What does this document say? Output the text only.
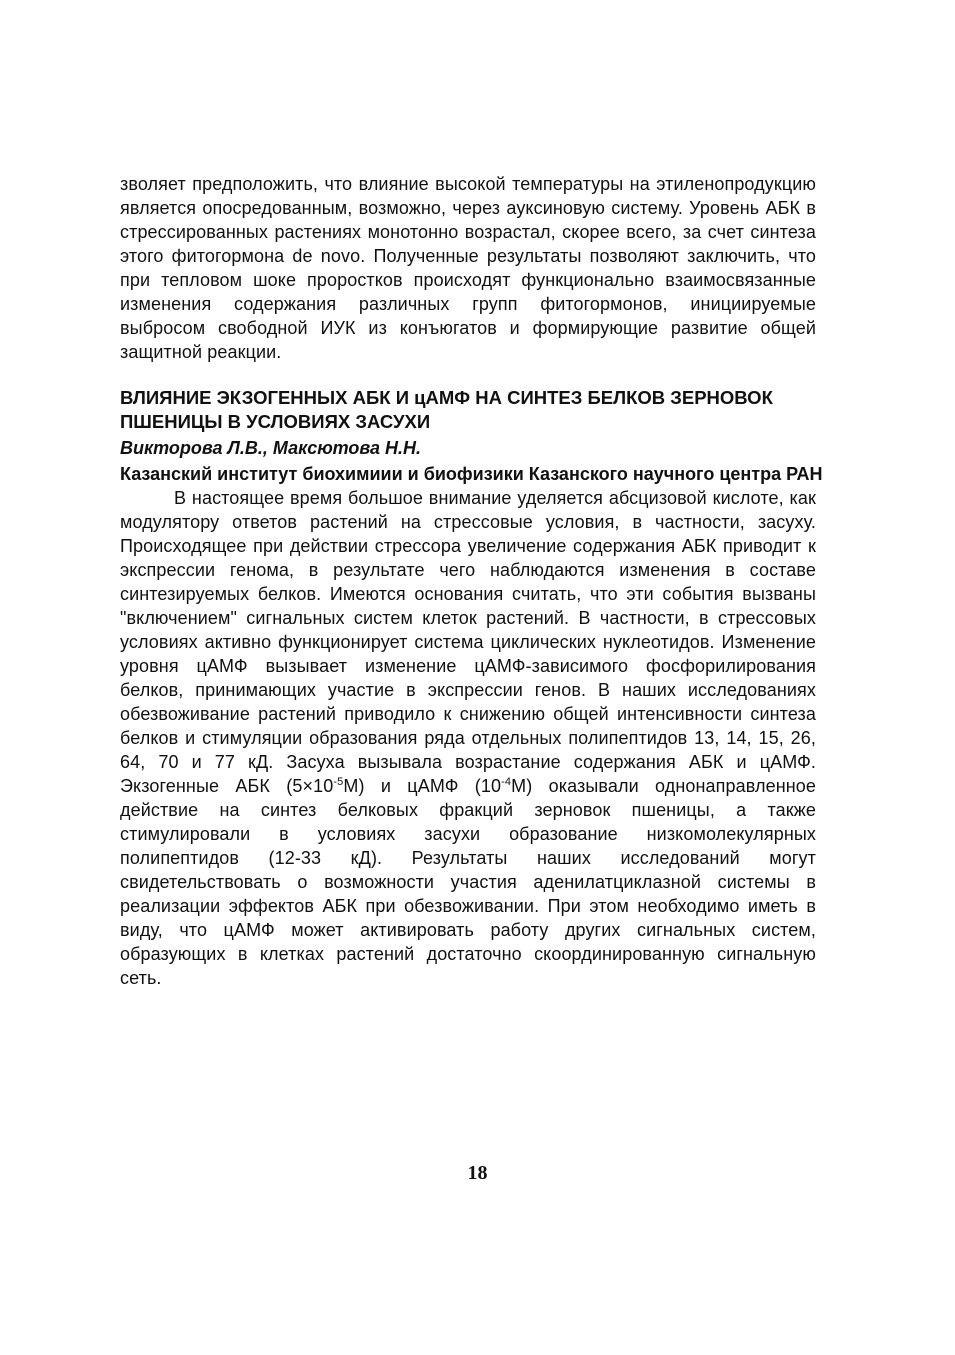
зволяет предположить, что влияние высокой температуры на этиленопродукцию является опосредованным, возможно, через ауксиновую систему. Уровень АБК в стрессированных растениях монотонно возрастал, скорее всего, за счет синтеза этого фитогормона de novo. Полученные результаты позволяют заключить, что при тепловом шоке проростков происходят функционально взаимосвязанные изменения содержания различных групп фитогормонов, инициируемые выбросом свободной ИУК из конъюгатов и формирующие развитие общей защитной реакции.

ВЛИЯНИЕ ЭКЗОГЕННЫХ АБК И цАМФ НА СИНТЕЗ БЕЛКОВ ЗЕРНОВОК ПШЕНИЦЫ В УСЛОВИЯХ ЗАСУХИ
Викторова Л.В., Максютова Н.Н.
Казанский институт биохимиии и биофизики Казанского научного центра РАН

В настоящее время большое внимание уделяется абсцизовой кислоте, как модулятору ответов растений на стрессовые условия, в частности, засуху. Происходящее при действии стрессора увеличение содержания АБК приводит к экспрессии генома, в результате чего наблюдаются изменения в составе синтезируемых белков. Имеются основания считать, что эти события вызваны "включением" сигнальных систем клеток растений. В частности, в стрессовых условиях активно функционирует система циклических нуклеотидов. Изменение уровня цАМФ вызывает изменение цАМФ-зависимого фосфорилирования белков, принимающих участие в экспрессии генов. В наших исследованиях обезвоживание растений приводило к снижению общей интенсивности синтеза белков и стимуляции образования ряда отдельных полипептидов 13, 14, 15, 26, 64, 70 и 77 кД. Засуха вызывала возрастание содержания АБК и цАМФ. Экзогенные АБК $(5\times 10^{-5}М)$ и цАМФ $(10^{-4}М)$ оказывали однонаправленное действие на синтез белковых фракций зерновок пшеницы, а также стимулировали в условиях засухи образование низкомолекулярных полипептидов (12-33 кД). Результаты наших исследований могут свидетельствовать о возможности участия аденилатциклазной системы в реализации эффектов АБК при обезвоживании. При этом необходимо иметь в виду, что цАМФ может активировать работу других сигнальных систем, образующих в клетках растений достаточно скоординированную сигнальную сеть.

18
